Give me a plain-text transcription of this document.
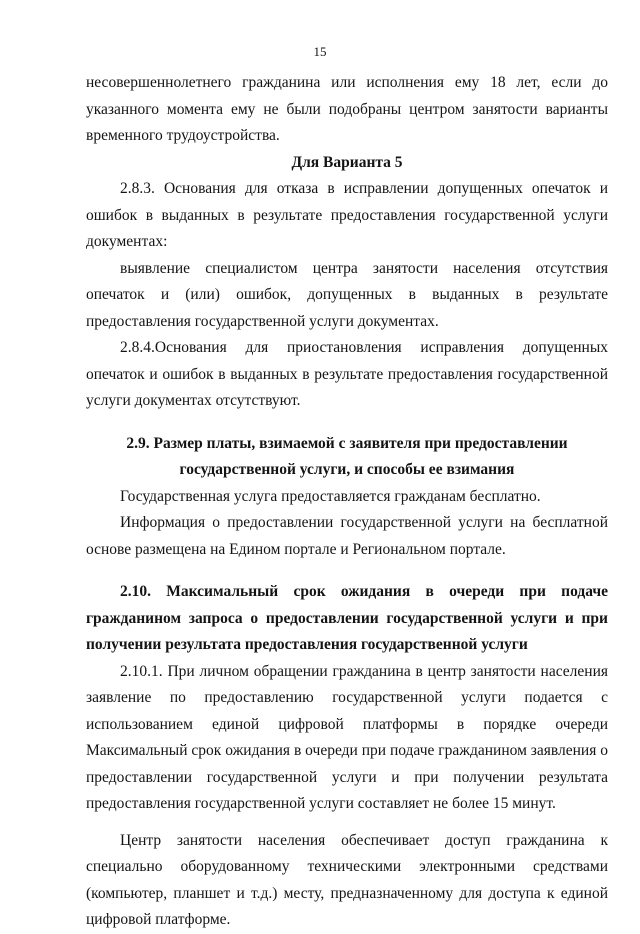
15

несовершеннолетнего гражданина или исполнения ему 18 лет, если до указанного момента ему не были подобраны центром занятости варианты временного трудоустройства.

Для Варианта 5

2.8.3. Основания для отказа в исправлении допущенных опечаток и ошибок в выданных в результате предоставления государственной услуги документах:

выявление специалистом центра занятости населения отсутствия опечаток и (или) ошибок, допущенных в выданных в результате предоставления государственной услуги документах.

2.8.4.Основания для приостановления исправления допущенных опечаток и ошибок в выданных в результате предоставления государственной услуги документах отсутствуют.

2.9. Размер платы, взимаемой с заявителя при предоставлении
государственной услуги, и способы ее взимания

Государственная услуга предоставляется гражданам бесплатно.

Информация о предоставлении государственной услуги на бесплатной основе размещена на Едином портале и Региональном портале.

2.10. Максимальный срок ожидания в очереди при подаче гражданином запроса о предоставлении государственной услуги и при получении результата предоставления государственной услуги

2.10.1. При личном обращении гражданина в центр занятости населения заявление по предоставлению государственной услуги подается с использованием единой цифровой платформы в порядке очереди Максимальный срок ожидания в очереди при подаче гражданином заявления о предоставлении государственной услуги и при получении результата предоставления государственной услуги составляет не более 15 минут.

Центр занятости населения обеспечивает доступ гражданина к специально оборудованному техническими электронными средствами (компьютер, планшет и т.д.) месту, предназначенному для доступа к единой цифровой платформе.
